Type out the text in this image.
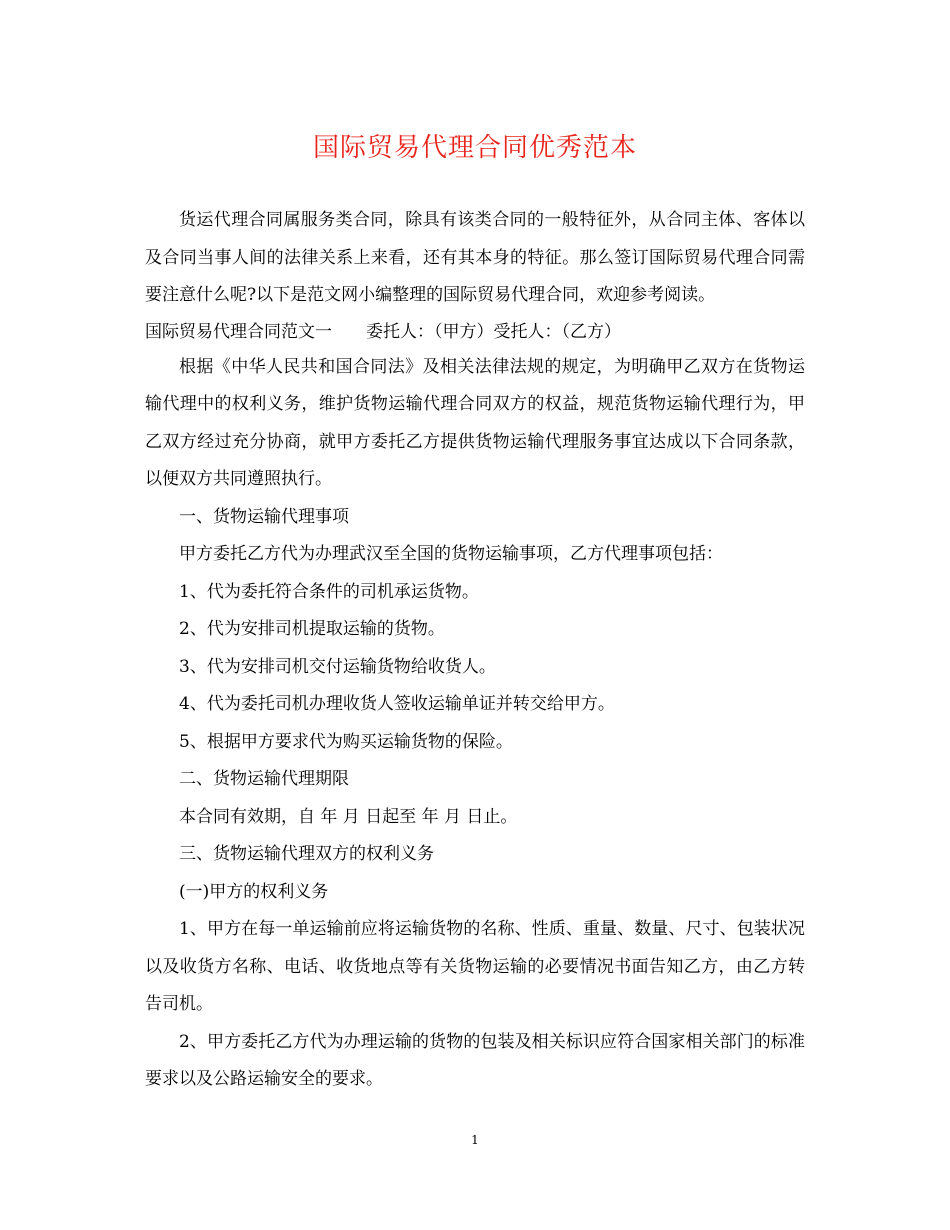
国际贸易代理合同优秀范本

货运代理合同属服务类合同，除具有该类合同的一般特征外，从合同主体、客体以及合同当事人间的法律关系上来看，还有其本身的特征。那么签订国际贸易代理合同需要注意什么呢?以下是范文网小编整理的国际贸易代理合同，欢迎参考阅读。

国际贸易代理合同范文一　　委托人：（甲方）受托人：（乙方）

根据《中华人民共和国合同法》及相关法律法规的规定，为明确甲乙双方在货物运输代理中的权利义务，维护货物运输代理合同双方的权益，规范货物运输代理行为，甲乙双方经过充分协商，就甲方委托乙方提供货物运输代理服务事宜达成以下合同条款，以便双方共同遵照执行。

一、货物运输代理事项

甲方委托乙方代为办理武汉至全国的货物运输事项，乙方代理事项包括：

1、代为委托符合条件的司机承运货物。

2、代为安排司机提取运输的货物。

3、代为安排司机交付运输货物给收货人。

4、代为委托司机办理收货人签收运输单证并转交给甲方。

5、根据甲方要求代为购买运输货物的保险。

二、货物运输代理期限

本合同有效期，自 年 月 日起至 年 月 日止。

三、货物运输代理双方的权利义务

(一)甲方的权利义务

1、甲方在每一单运输前应将运输货物的名称、性质、重量、数量、尺寸、包装状况以及收货方名称、电话、收货地点等有关货物运输的必要情况书面告知乙方，由乙方转告司机。

2、甲方委托乙方代为办理运输的货物的包装及相关标识应符合国家相关部门的标准要求以及公路运输安全的要求。

1
